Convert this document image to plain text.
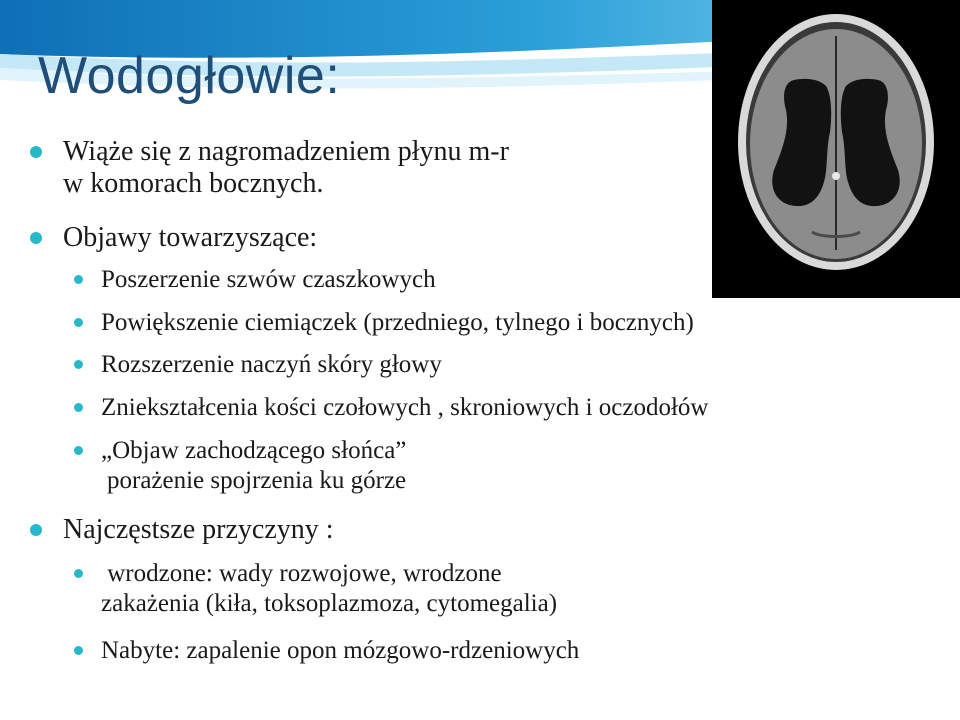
Wodogłowie:
Wiąże się z nagromadzeniem płynu m-r
w komorach bocznych.
Objawy towarzyszące:
Poszerzenie szwów czaszkowych
Powiększenie ciemiączek (przedniego, tylnego i bocznych)
Rozszerzenie naczyń skóry głowy
Zniekształcenia kości czołowych , skroniowych i oczodołów
„Objaw zachodzącego słońca”
porażenie spojrzenia ku górze
Najczęstsze przyczyny :
wrodzone: wady rozwojowe, wrodzone
zakażenia (kiła, toksoplazmoza, cytomegalia)
Nabyte: zapalenie opon mózgowo-rdzeniowych
